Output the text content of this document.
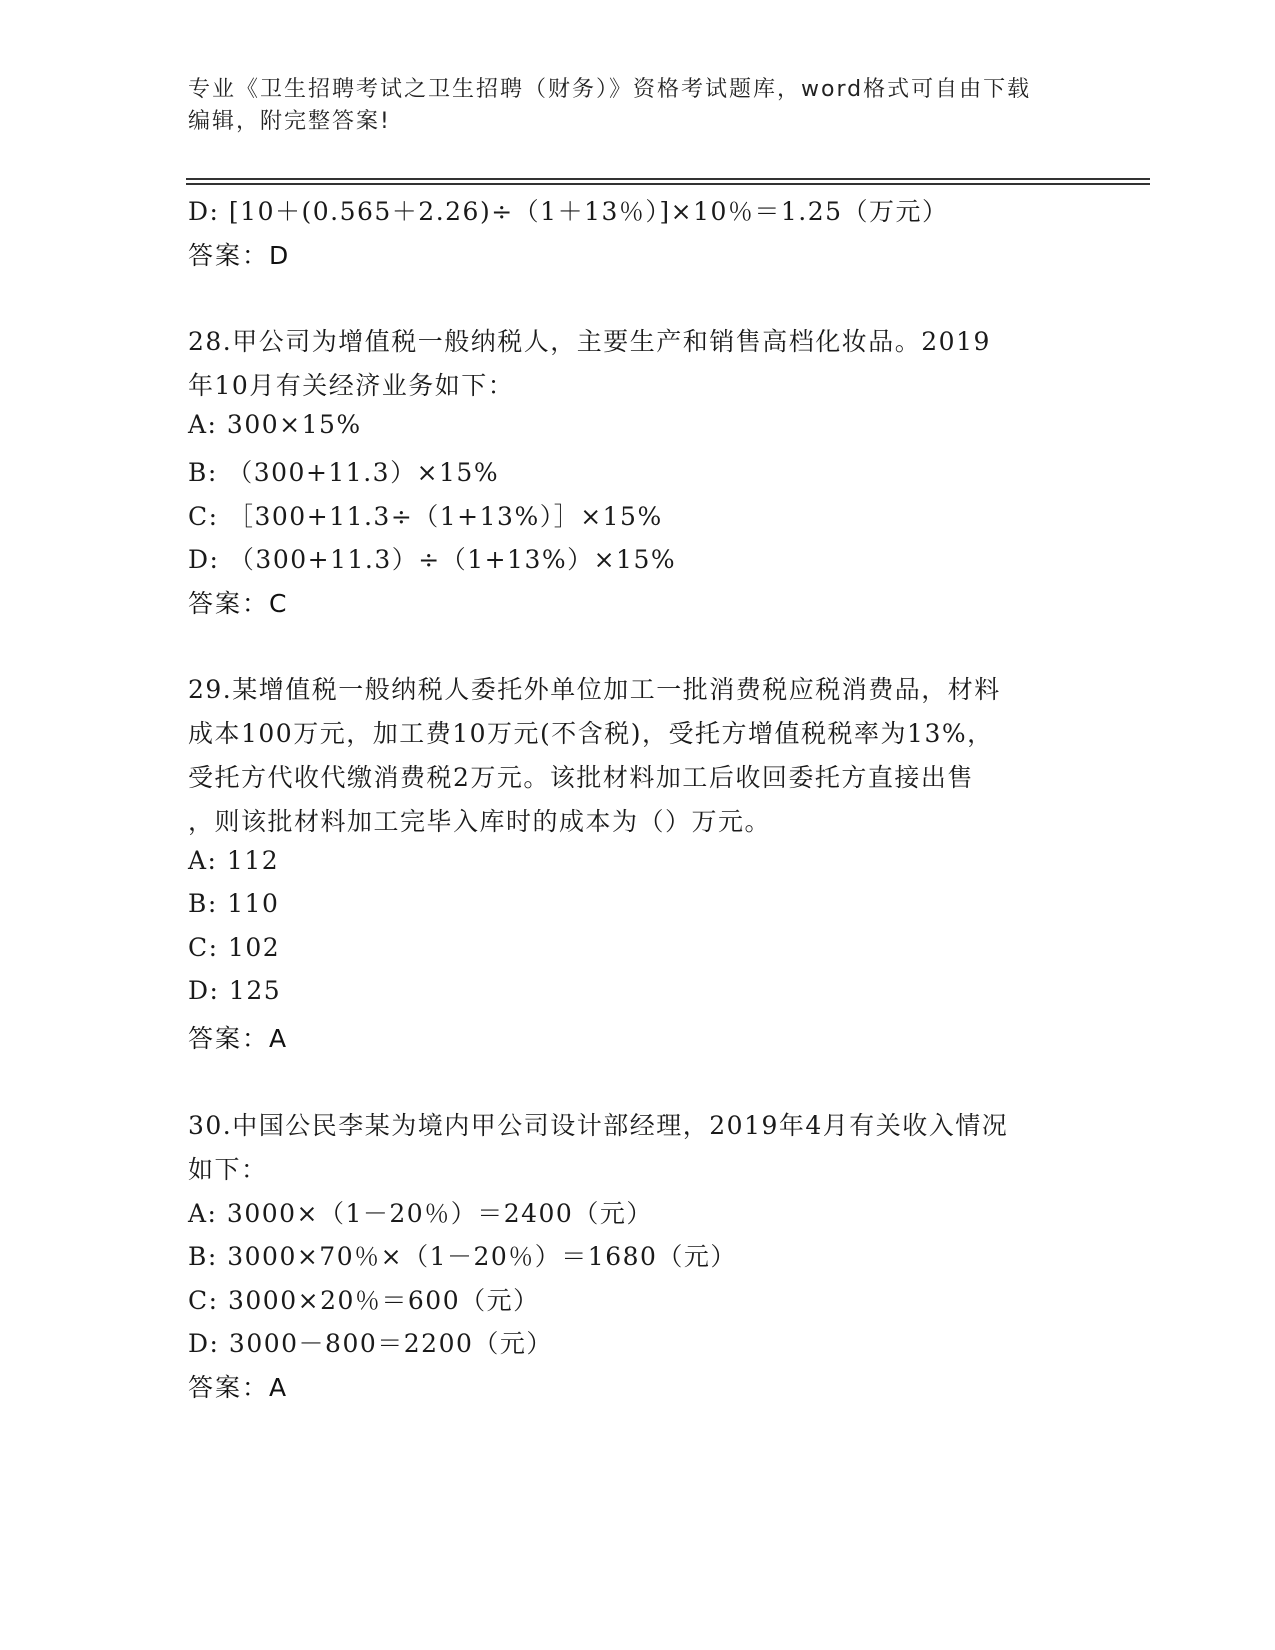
专业《卫生招聘考试之卫生招聘（财务）》资格考试题库，word格式可自由下载
编辑，附完整答案!
D: [10＋(0.565＋2.26)÷（1＋13％）]×10％＝1.25（万元）
答案：D
28.甲公司为增值税一般纳税人，主要生产和销售高档化妆品。2019
年10月有关经济业务如下：
A: 300×15%
B: （300+11.3）×15%
C: ［300+11.3÷（1+13%）］×15%
D: （300+11.3）÷（1+13%）×15%
答案：C
29.某增值税一般纳税人委托外单位加工一批消费税应税消费品，材料
成本100万元，加工费10万元(不含税)，受托方增值税税率为13%，
受托方代收代缴消费税2万元。该批材料加工后收回委托方直接出售
，则该批材料加工完毕入库时的成本为（）万元。
A: 112
B: 110
C: 102
D: 125
答案：A
30.中国公民李某为境内甲公司设计部经理，2019年4月有关收入情况
如下：
A: 3000×（1－20％）＝2400（元）
B: 3000×70％×（1－20％）＝1680（元）
C: 3000×20％＝600（元）
D: 3000－800＝2200（元）
答案：A
